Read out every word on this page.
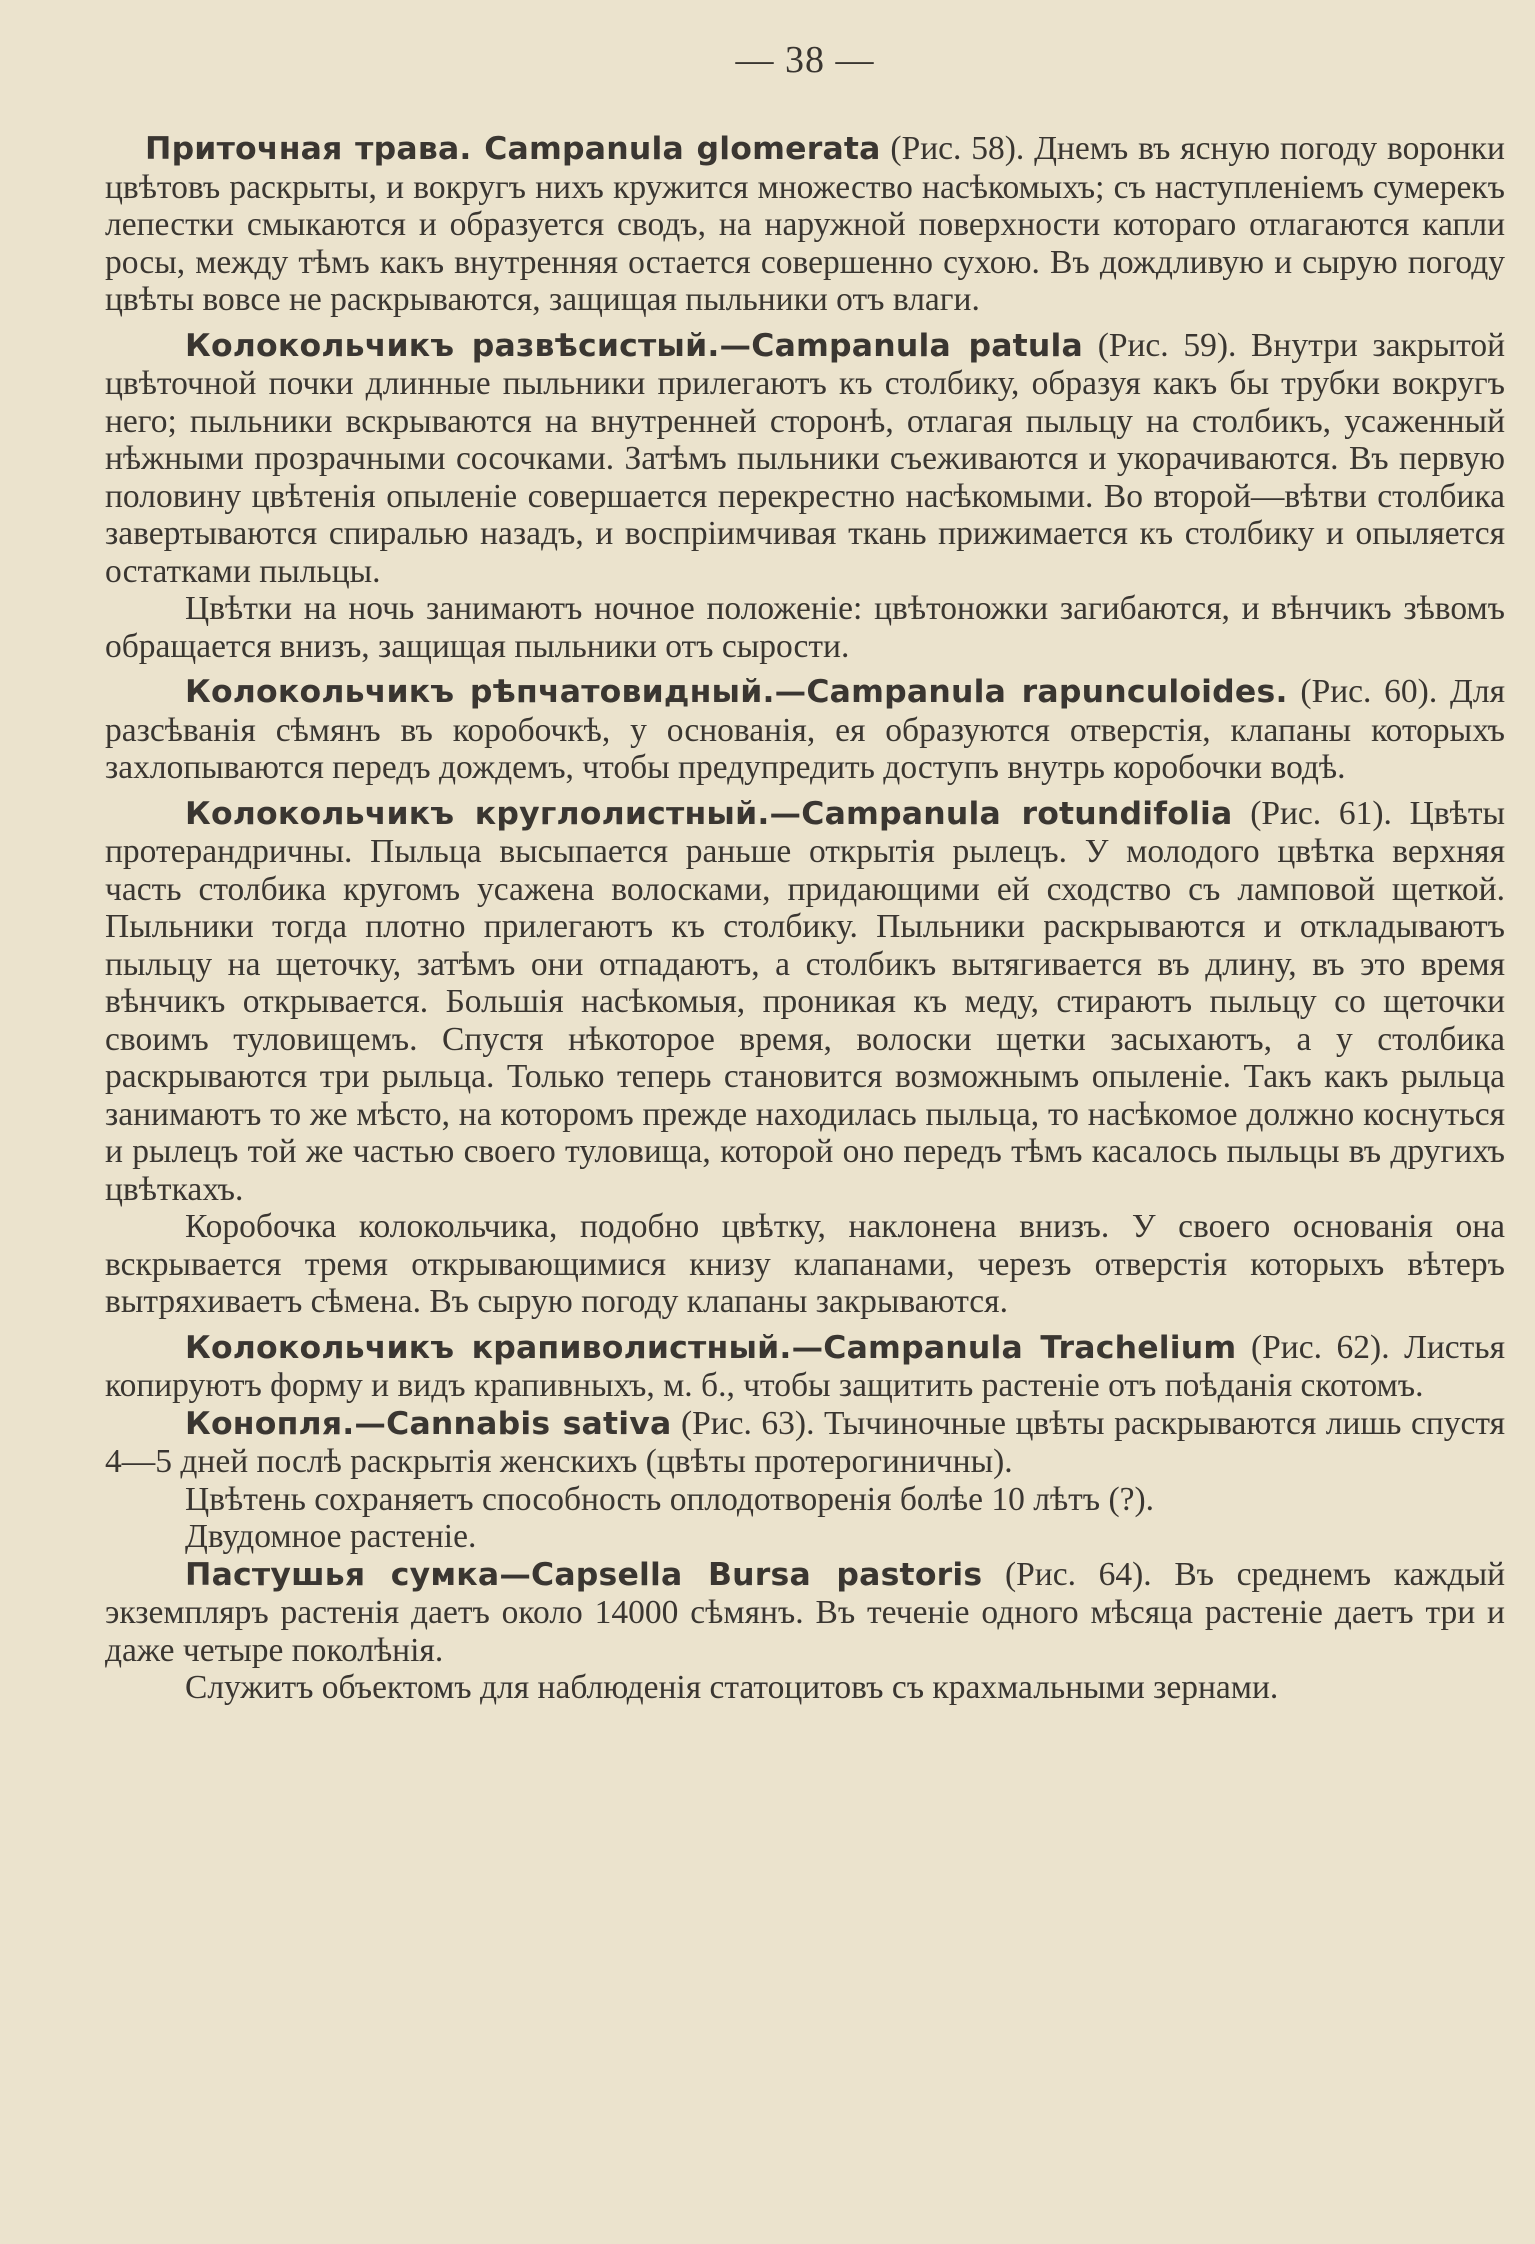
— 38 —

Приточная трава. Campanula glomerata (Рис. 58). Днемъ въ ясную погоду воронки цвѣтовъ раскрыты, и вокругъ нихъ кружится множество насѣкомыхъ; съ наступленіемъ сумерекъ лепестки смыкаются и образуется сводъ, на наружной поверхности котораго отлагаются капли росы, между тѣмъ какъ внутренняя остается совершенно сухою. Въ дождливую и сырую погоду цвѣты вовсе не раскрываются, защищая пыльники отъ влаги.

Колокольчикъ развѣсистый.—Campanula patula (Рис. 59). Внутри закрытой цвѣточной почки длинные пыльники прилегаютъ къ столбику, образуя какъ бы трубки вокругъ него; пыльники вскрываются на внутренней сторонѣ, отлагая пыльцу на столбикъ, усаженный нѣжными прозрачными сосочками. Затѣмъ пыльники съеживаются и укорачиваются. Въ первую половину цвѣтенія опыленіе совершается перекрестно насѣкомыми. Во второй—вѣтви столбика завертываются спиралью назадъ, и воспріимчивая ткань прижимается къ столбику и опыляется остатками пыльцы.

Цвѣтки на ночь занимаютъ ночное положеніе: цвѣтоножки загибаются, и вѣнчикъ зѣвомъ обращается внизъ, защищая пыльники отъ сырости.

Колокольчикъ рѣпчатовидный.—Campanula rapunculoides. (Рис. 60). Для разсѣванія сѣмянъ въ коробочкѣ, у основанія, ея образуются отверстія, клапаны которыхъ захлопываются передъ дождемъ, чтобы предупредить доступъ внутрь коробочки водѣ.

Колокольчикъ круглолистный.—Campanula rotundifolia (Рис. 61). Цвѣты протерандричны. Пыльца высыпается раньше открытія рылецъ. У молодого цвѣтка верхняя часть столбика кругомъ усажена волосками, придающими ей сходство съ ламповой щеткой. Пыльники тогда плотно прилегаютъ къ столбику. Пыльники раскрываются и откладываютъ пыльцу на щеточку, затѣмъ они отпадаютъ, а столбикъ вытягивается въ длину, въ это время вѣнчикъ открывается. Большія насѣкомыя, проникая къ меду, стираютъ пыльцу со щеточки своимъ туловищемъ. Спустя нѣкоторое время, волоски щетки засыхаютъ, а у столбика раскрываются три рыльца. Только теперь становится возможнымъ опыленіе. Такъ какъ рыльца занимаютъ то же мѣсто, на которомъ прежде находилась пыльца, то насѣкомое должно коснуться и рылецъ той же частью своего туловища, которой оно передъ тѣмъ касалось пыльцы въ другихъ цвѣткахъ.

Коробочка колокольчика, подобно цвѣтку, наклонена внизъ. У своего основанія она вскрывается тремя открывающимися книзу клапанами, черезъ отверстія которыхъ вѣтеръ вытряхиваетъ сѣмена. Въ сырую погоду клапаны закрываются.

Колокольчикъ крапиволистный.—Campanula Trachelium (Рис. 62). Листья копируютъ форму и видъ крапивныхъ, м. б., чтобы защитить растеніе отъ поѣданія скотомъ.

Конопля.—Cannabis sativa (Рис. 63). Тычиночные цвѣты раскрываются лишь спустя 4—5 дней послѣ раскрытія женскихъ (цвѣты протерогиничны).

Цвѣтень сохраняетъ способность оплодотворенія болѣе 10 лѣтъ (?).

Двудомное растеніе.

Пастушья сумка—Capsella Bursa pastoris (Рис. 64). Въ среднемъ каждый экземпляръ растенія даетъ около 14000 сѣмянъ. Въ теченіе одного мѣсяца растеніе даетъ три и даже четыре поколѣнія.

Служитъ объектомъ для наблюденія статоцитовъ съ крахмальными зернами.
